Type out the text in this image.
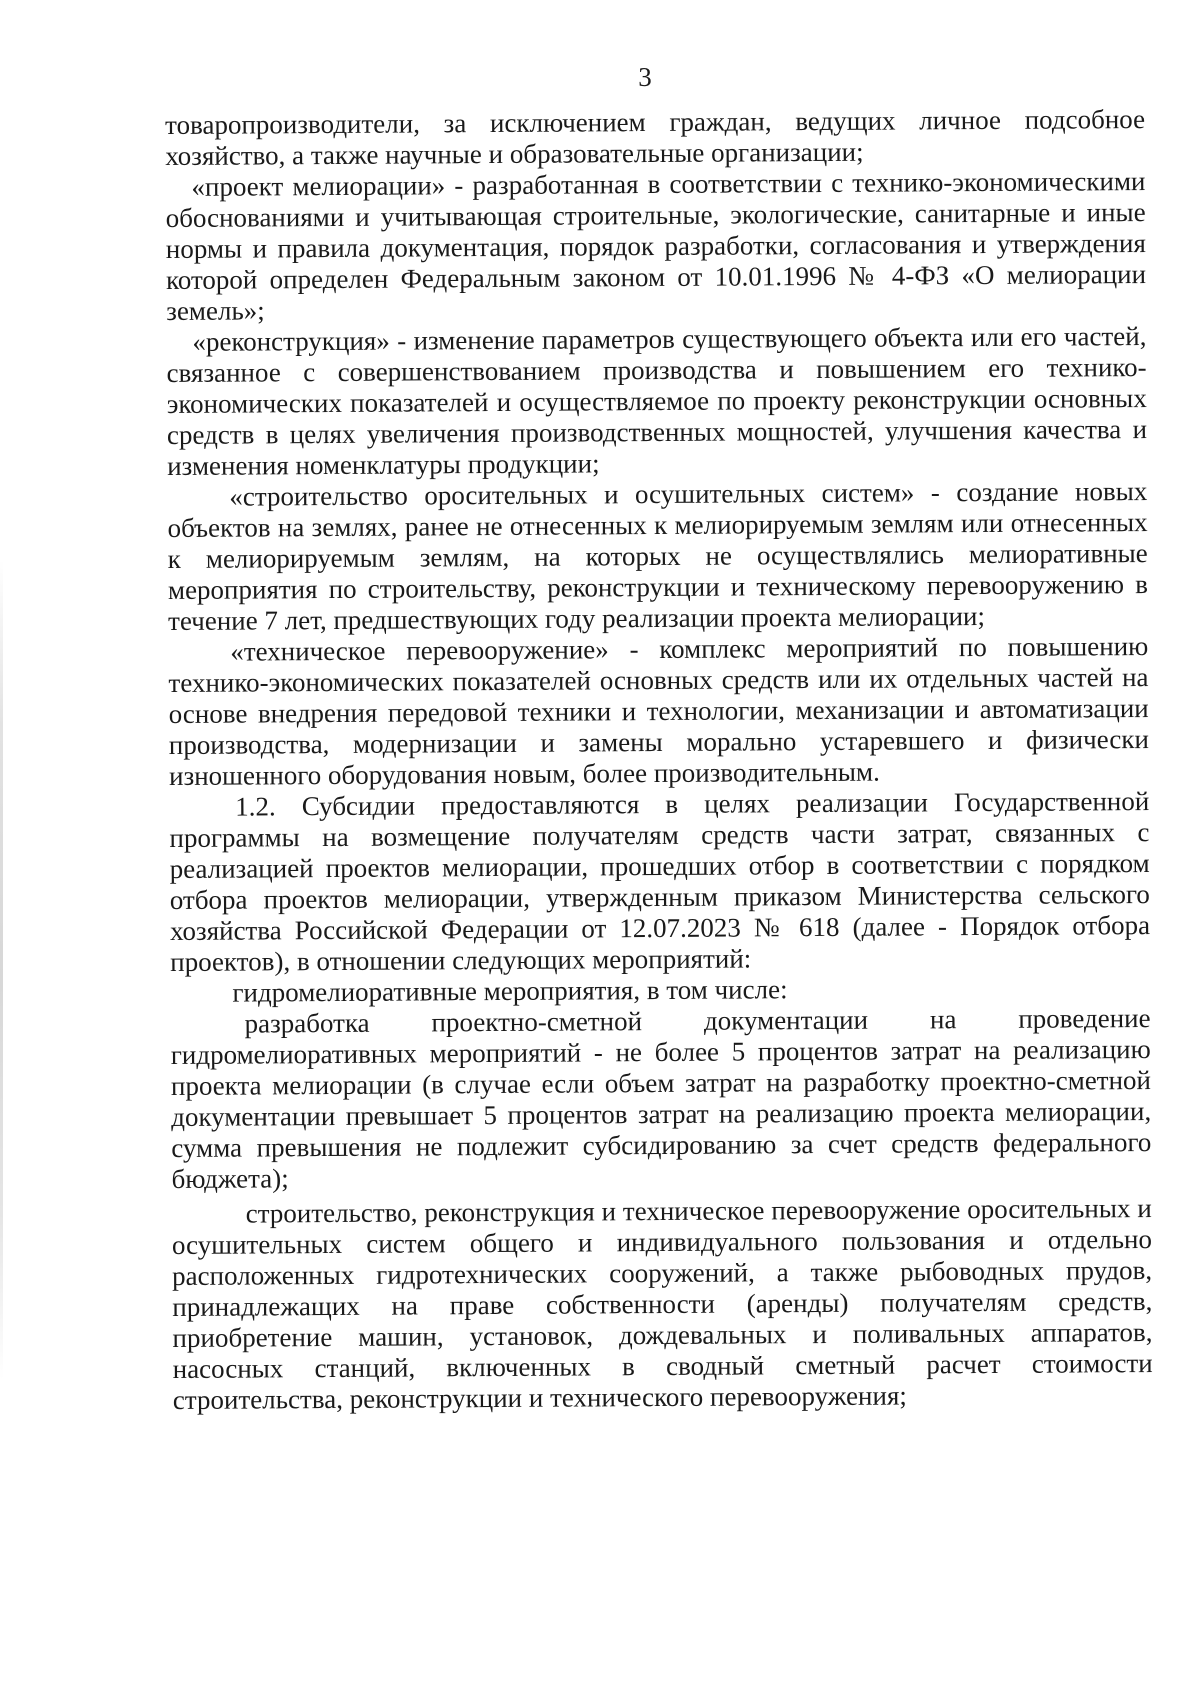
3

товаропроизводители, за исключением граждан, ведущих личное подсобное хозяйство, а также научные и образовательные организации;

«проект мелиорации» - разработанная в соответствии с технико-экономическими обоснованиями и учитывающая строительные, экологические, санитарные и иные нормы и правила документация, порядок разработки, согласования и утверждения которой определен Федеральным законом от 10.01.1996 № 4-ФЗ «О мелиорации земель»;

«реконструкция» - изменение параметров существующего объекта или его частей, связанное с совершенствованием производства и повышением его технико-экономических показателей и осуществляемое по проекту реконструкции основных средств в целях увеличения производственных мощностей, улучшения качества и изменения номенклатуры продукции;

«строительство оросительных и осушительных систем» - создание новых объектов на землях, ранее не отнесенных к мелиорируемым землям или отнесенных к мелиорируемым землям, на которых не осуществлялись мелиоративные мероприятия по строительству, реконструкции и техническому перевооружению в течение 7 лет, предшествующих году реализации проекта мелиорации;

«техническое перевооружение» - комплекс мероприятий по повышению технико-экономических показателей основных средств или их отдельных частей на основе внедрения передовой техники и технологии, механизации и автоматизации производства, модернизации и замены морально устаревшего и физически изношенного оборудования новым, более производительным.

1.2. Субсидии предоставляются в целях реализации Государственной программы на возмещение получателям средств части затрат, связанных с реализацией проектов мелиорации, прошедших отбор в соответствии с порядком отбора проектов мелиорации, утвержденным приказом Министерства сельского хозяйства Российской Федерации от 12.07.2023 № 618 (далее - Порядок отбора проектов), в отношении следующих мероприятий:

гидромелиоративные мероприятия, в том числе:

разработка проектно-сметной документации на проведение гидромелиоративных мероприятий - не более 5 процентов затрат на реализацию проекта мелиорации (в случае если объем затрат на разработку проектно-сметной документации превышает 5 процентов затрат на реализацию проекта мелиорации, сумма превышения не подлежит субсидированию за счет средств федерального бюджета);

строительство, реконструкция и техническое перевооружение оросительных и осушительных систем общего и индивидуального пользования и отдельно расположенных гидротехнических сооружений, а также рыбоводных прудов, принадлежащих на праве собственности (аренды) получателям средств, приобретение машин, установок, дождевальных и поливальных аппаратов, насосных станций, включенных в сводный сметный расчет стоимости строительства, реконструкции и технического перевооружения;
